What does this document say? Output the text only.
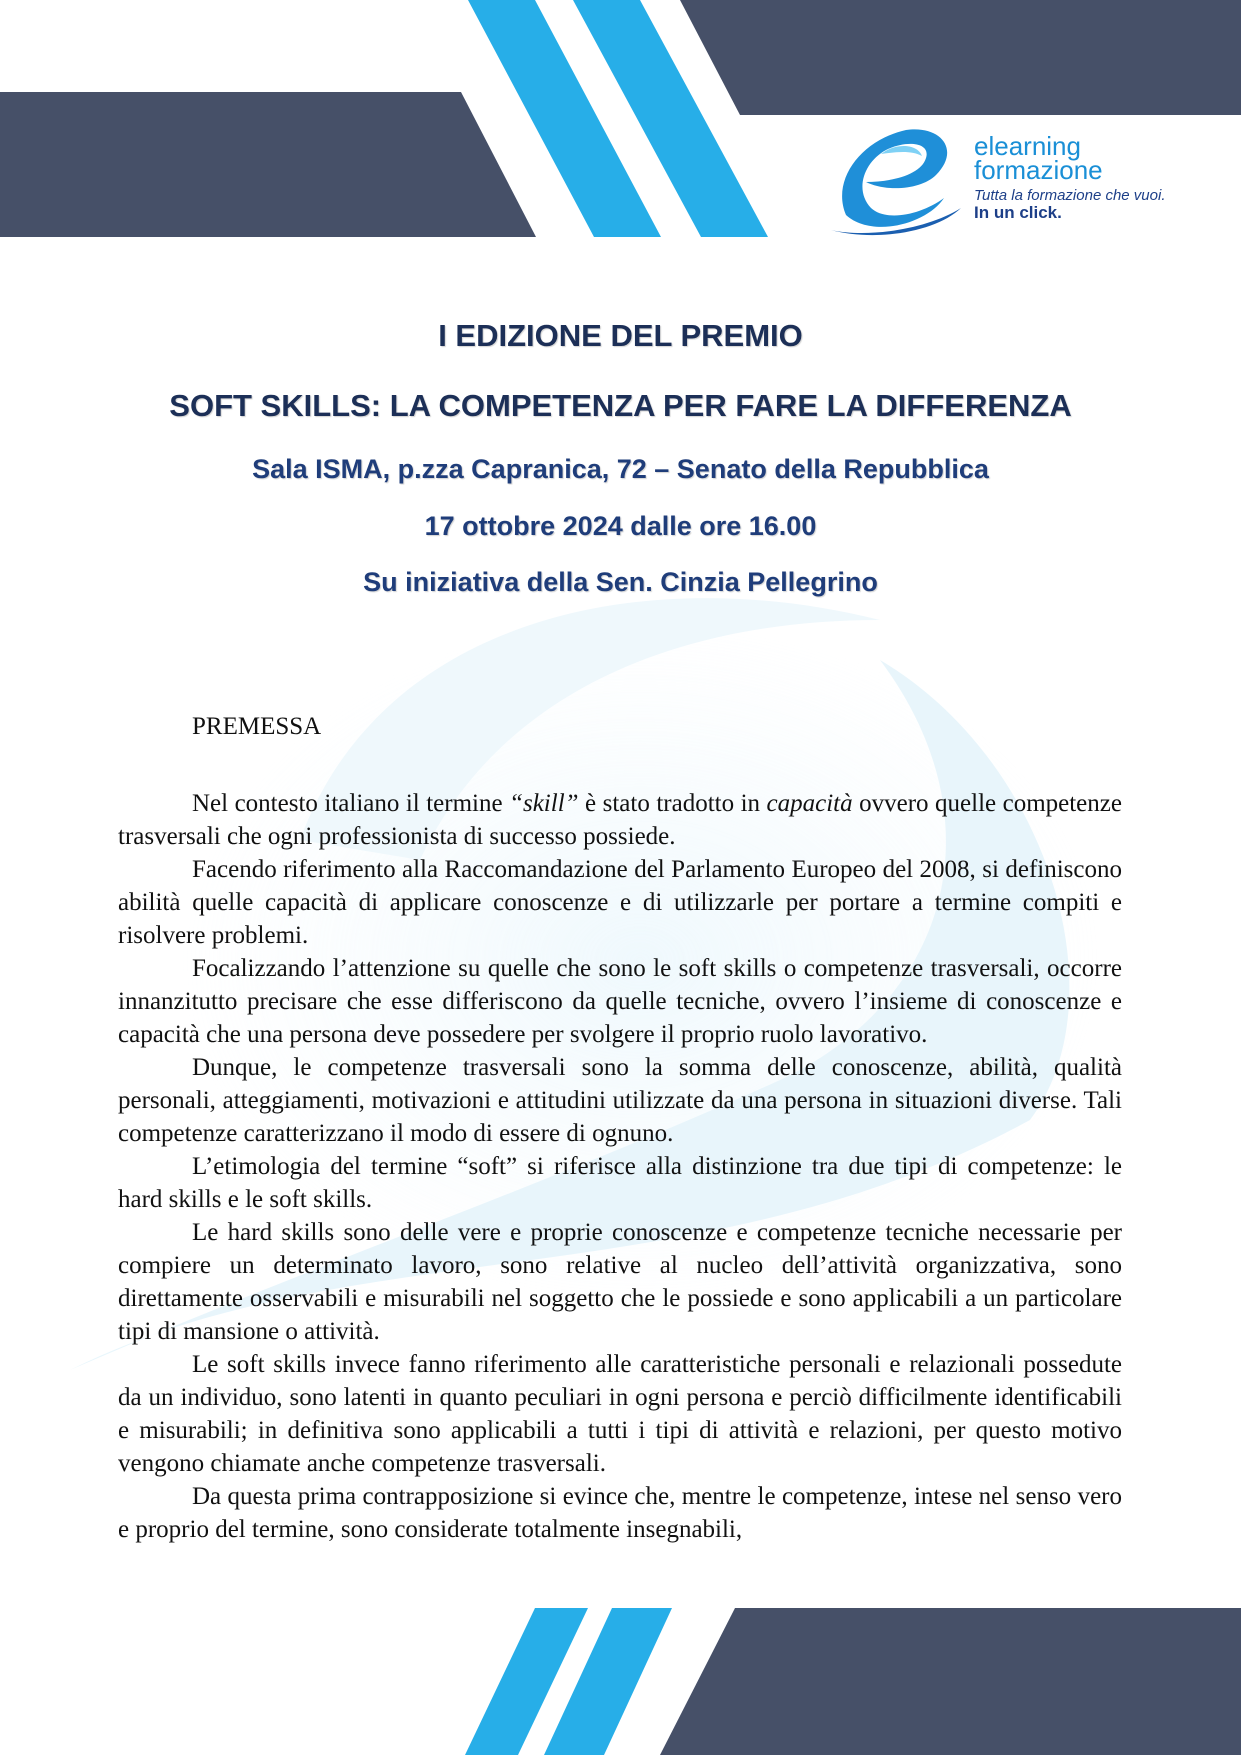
elearning
formazione
Tutta la formazione che vuoi.
In un click.
I EDIZIONE DEL PREMIO
SOFT SKILLS: LA COMPETENZA PER FARE LA DIFFERENZA
Sala ISMA, p.zza Capranica, 72 – Senato della Repubblica
17 ottobre 2024 dalle ore 16.00
Su iniziativa della Sen. Cinzia Pellegrino
PREMESSA

Nel contesto italiano il termine “skill” è stato tradotto in capacità ovvero quelle competenze trasversali che ogni professionista di successo possiede.

Facendo riferimento alla Raccomandazione del Parlamento Europeo del 2008, si definiscono abilità quelle capacità di applicare conoscenze e di utilizzarle per portare a termine compiti e risolvere problemi.

Focalizzando l’attenzione su quelle che sono le soft skills o competenze trasversali, occorre innanzitutto precisare che esse differiscono da quelle tecniche, ovvero l’insieme di conoscenze e capacità che una persona deve possedere per svolgere il proprio ruolo lavorativo.

Dunque, le competenze trasversali sono la somma delle conoscenze, abilità, qualità personali, atteggiamenti, motivazioni e attitudini utilizzate da una persona in situazioni diverse. Tali competenze caratterizzano il modo di essere di ognuno.

L’etimologia del termine “soft” si riferisce alla distinzione tra due tipi di competenze: le hard skills e le soft skills.

Le hard skills sono delle vere e proprie conoscenze e competenze tecniche necessarie per compiere un determinato lavoro, sono relative al nucleo dell’attività organizzativa, sono direttamente osservabili e misurabili nel soggetto che le possiede e sono applicabili a un particolare tipi di mansione o attività.

Le soft skills invece fanno riferimento alle caratteristiche personali e relazionali possedute da un individuo, sono latenti in quanto peculiari in ogni persona e perciò difficilmente identificabili e misurabili; in definitiva sono applicabili a tutti i tipi di attività e relazioni, per questo motivo vengono chiamate anche competenze trasversali.

Da questa prima contrapposizione si evince che, mentre le competenze, intese nel senso vero e proprio del termine, sono considerate totalmente insegnabili,
